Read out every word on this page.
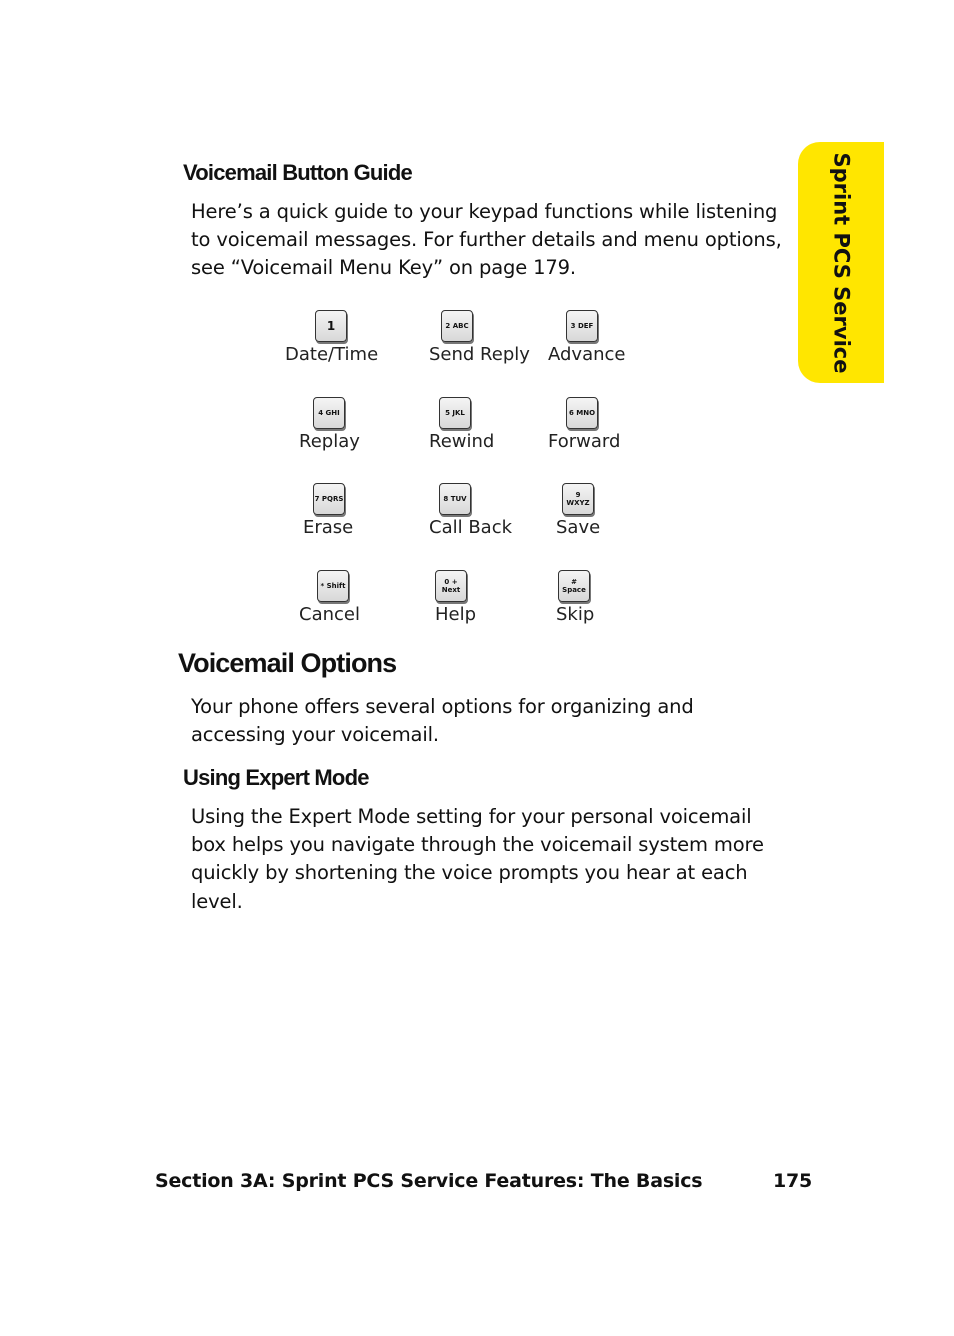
Sprint PCS Service
Voicemail Button Guide

Here’s a quick guide to your keypad functions while listening to voicemail messages. For further details and menu options, see “Voicemail Menu Key” on page 179.

1
Date/Time
2 ABC
Send Reply
3 DEF
Advance
4 GHI
Replay
5 JKL
Rewind
6 MNO
Forward
7 PQRS
Erase
8 TUV
Call Back
9 WXYZ
Save
* Shift
Cancel
0 + Next
Help
# Space
Skip
Voicemail Options

Your phone offers several options for organizing and accessing your voicemail.

Using Expert Mode

Using the Expert Mode setting for your personal voicemail box helps you navigate through the voicemail system more quickly by shortening the voice prompts you hear at each level.

Section 3A: Sprint PCS Service Features: The Basics	175
